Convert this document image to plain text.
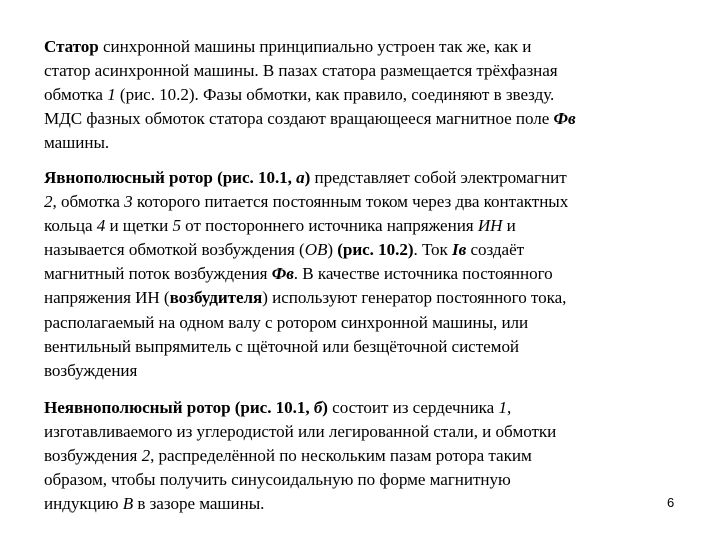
Статор синхронной машины принципиально устроен так же, как и
статор асинхронной машины. В пазах статора размещается трёхфазная
обмотка 1 (рис. 10.2). Фазы обмотки, как правило, соединяют в звезду.
МДС фазных обмоток статора создают вращающееся магнитное поле Фв
машины.
Явнополюсный ротор (рис. 10.1, а) представляет собой электромагнит
2, обмотка 3 которого питается постоянным током через два контактных
кольца 4 и щетки 5 от постороннего источника напряжения ИН и
называется обмоткой возбуждения (ОВ) (рис. 10.2). Ток Iв создаёт
магнитный поток возбуждения Фв. В качестве источника постоянного
напряжения ИН (возбудителя) используют генератор постоянного тока,
располагаемый на одном валу с ротором синхронной машины, или
вентильный выпрямитель с щёточной или безщёточной системой
возбуждения
Неявнополюсный ротор (рис. 10.1, б) состоит из сердечника 1,
изготавливаемого из углеродистой или легированной стали, и обмотки
возбуждения 2, распределённой по нескольким пазам ротора таким
образом, чтобы получить синусоидальную по форме магнитную
индукцию B в зазоре машины.	6
